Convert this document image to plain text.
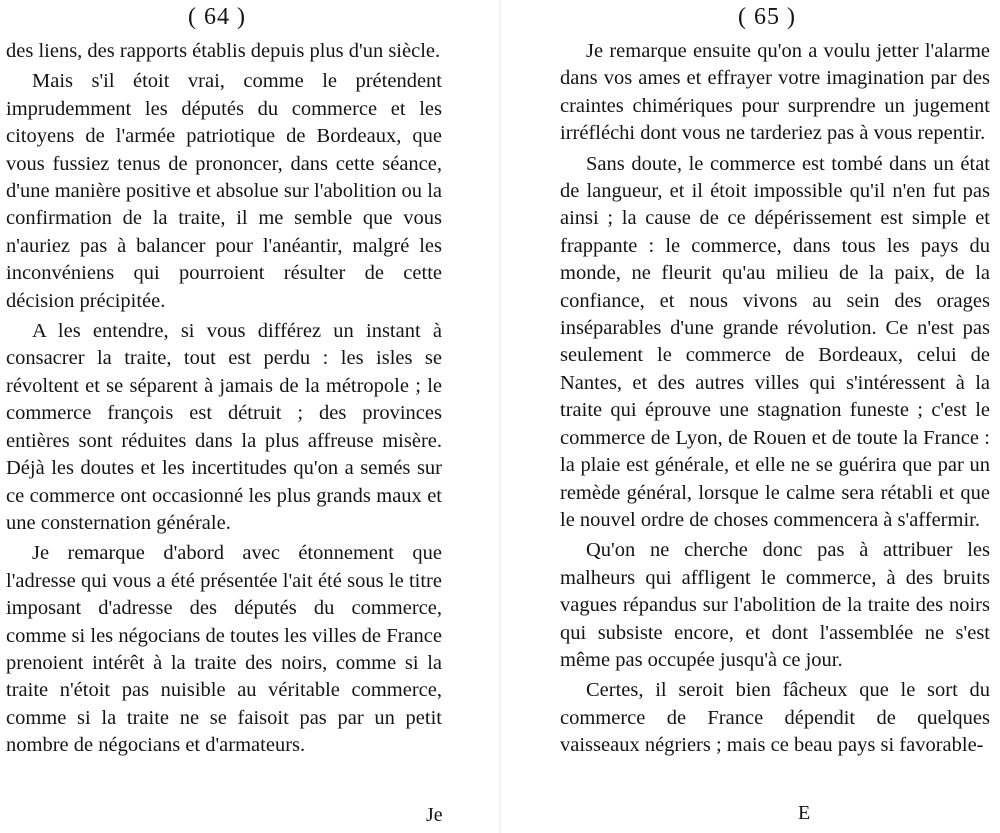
( 64 )

des liens, des rapports établis depuis plus d'un siècle.

Mais s'il étoit vrai, comme le prétendent imprudemment les députés du commerce et les citoyens de l'armée patriotique de Bordeaux, que vous fussiez tenus de prononcer, dans cette séance, d'une manière positive et absolue sur l'abolition ou la confirmation de la traite, il me semble que vous n'auriez pas à balancer pour l'anéantir, malgré les inconvéniens qui pourroient résulter de cette décision précipitée.

A les entendre, si vous différez un instant à consacrer la traite, tout est perdu : les isles se révoltent et se séparent à jamais de la métropole ; le commerce françois est détruit ; des provinces entières sont réduites dans la plus affreuse misère. Déjà les doutes et les incertitudes qu'on a semés sur ce commerce ont occasionné les plus grands maux et une consternation générale.

Je remarque d'abord avec étonnement que l'adresse qui vous a été présentée l'ait été sous le titre imposant d'adresse des députés du commerce, comme si les négocians de toutes les villes de France prenoient intérêt à la traite des noirs, comme si la traite n'étoit pas nuisible au véritable commerce, comme si la traite ne se faisoit pas par un petit nombre de négocians et d'armateurs.

Je
( 65 )

Je remarque ensuite qu'on a voulu jetter l'alarme dans vos ames et effrayer votre imagination par des craintes chimériques pour surprendre un jugement irréfléchi dont vous ne tarderiez pas à vous repentir.

Sans doute, le commerce est tombé dans un état de langueur, et il étoit impossible qu'il n'en fut pas ainsi ; la cause de ce dépérissement est simple et frappante : le commerce, dans tous les pays du monde, ne fleurit qu'au milieu de la paix, de la confiance, et nous vivons au sein des orages inséparables d'une grande révolution. Ce n'est pas seulement le commerce de Bordeaux, celui de Nantes, et des autres villes qui s'intéressent à la traite qui éprouve une stagnation funeste ; c'est le commerce de Lyon, de Rouen et de toute la France : la plaie est générale, et elle ne se guérira que par un remède général, lorsque le calme sera rétabli et que le nouvel ordre de choses commencera à s'affermir.

Qu'on ne cherche donc pas à attribuer les malheurs qui affligent le commerce, à des bruits vagues répandus sur l'abolition de la traite des noirs qui subsiste encore, et dont l'assemblée ne s'est même pas occupée jusqu'à ce jour.

Certes, il seroit bien fâcheux que le sort du commerce de France dépendit de quelques vaisseaux négriers ; mais ce beau pays si favorable-

E
